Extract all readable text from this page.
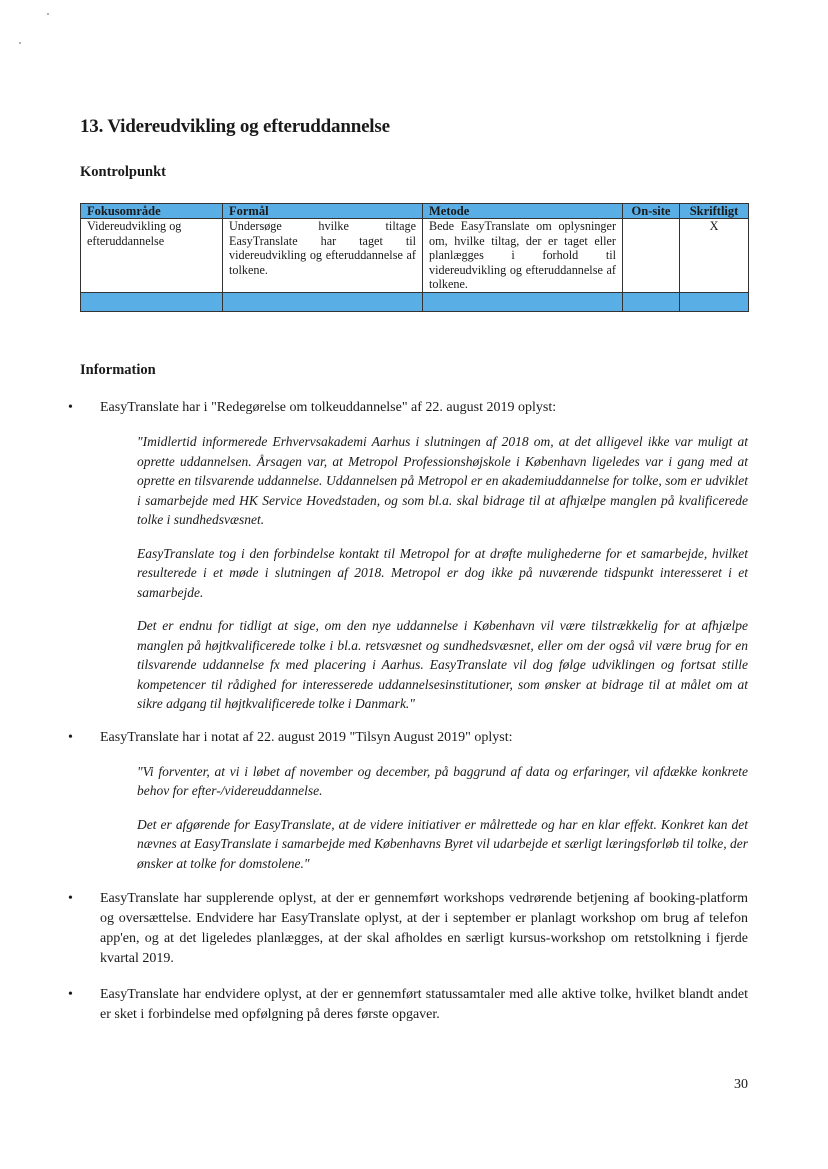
13. Videreudvikling og efteruddannelse
Kontrolpunkt
Fokusområde	Formål	Metode	On-site	Skriftligt
Videreudvikling og efteruddannelse	Undersøge hvilke tiltage EasyTranslate har taget til videreudvikling og efteruddannelse af tolkene.	Bede EasyTranslate om oplysninger om, hvilke tiltag, der er taget eller planlægges i forhold til videreudvikling og efteruddannelse af tolkene.		X

Information
• EasyTranslate har i "Redegørelse om tolkeuddannelse" af 22. august 2019 oplyst:

"Imidlertid informerede Erhvervsakademi Aarhus i slutningen af 2018 om, at det alligevel ikke var muligt at oprette uddannelsen. Årsagen var, at Metropol Professionshøjskole i København ligeledes var i gang med at oprette en tilsvarende uddannelse. Uddannelsen på Metropol er en akademiuddannelse for tolke, som er udviklet i samarbejde med HK Service Hovedstaden, og som bl.a. skal bidrage til at afhjælpe manglen på kvalificerede tolke i sundhedsvæsnet.

EasyTranslate tog i den forbindelse kontakt til Metropol for at drøfte mulighederne for et samarbejde, hvilket resulterede i et møde i slutningen af 2018. Metropol er dog ikke på nuværende tidspunkt interesseret i et samarbejde.

Det er endnu for tidligt at sige, om den nye uddannelse i København vil være tilstrækkelig for at afhjælpe manglen på højtkvalificerede tolke i bl.a. retsvæsnet og sundhedsvæsnet, eller om der også vil være brug for en tilsvarende uddannelse fx med placering i Aarhus. EasyTranslate vil dog følge udviklingen og fortsat stille kompetencer til rådighed for interesserede uddannelsesinstitutioner, som ønsker at bidrage til at målet om at sikre adgang til højtkvalificerede tolke i Danmark."

• EasyTranslate har i notat af 22. august 2019 "Tilsyn August 2019" oplyst:

"Vi forventer, at vi i løbet af november og december, på baggrund af data og erfaringer, vil afdække konkrete behov for efter-/videreuddannelse.

Det er afgørende for EasyTranslate, at de videre initiativer er målrettede og har en klar effekt. Konkret kan det nævnes at EasyTranslate i samarbejde med Københavns Byret vil udarbejde et særligt læringsforløb til tolke, der ønsker at tolke for domstolene."

• EasyTranslate har supplerende oplyst, at der er gennemført workshops vedrørende betjening af booking-platform og oversættelse. Endvidere har EasyTranslate oplyst, at der i september er planlagt workshop om brug af telefon app'en, og at det ligeledes planlægges, at der skal afholdes en særligt kursus-workshop om retstolkning i fjerde kvartal 2019.
• EasyTranslate har endvidere oplyst, at der er gennemført statussamtaler med alle aktive tolke, hvilket blandt andet er sket i forbindelse med opfølgning på deres første opgaver.
30
